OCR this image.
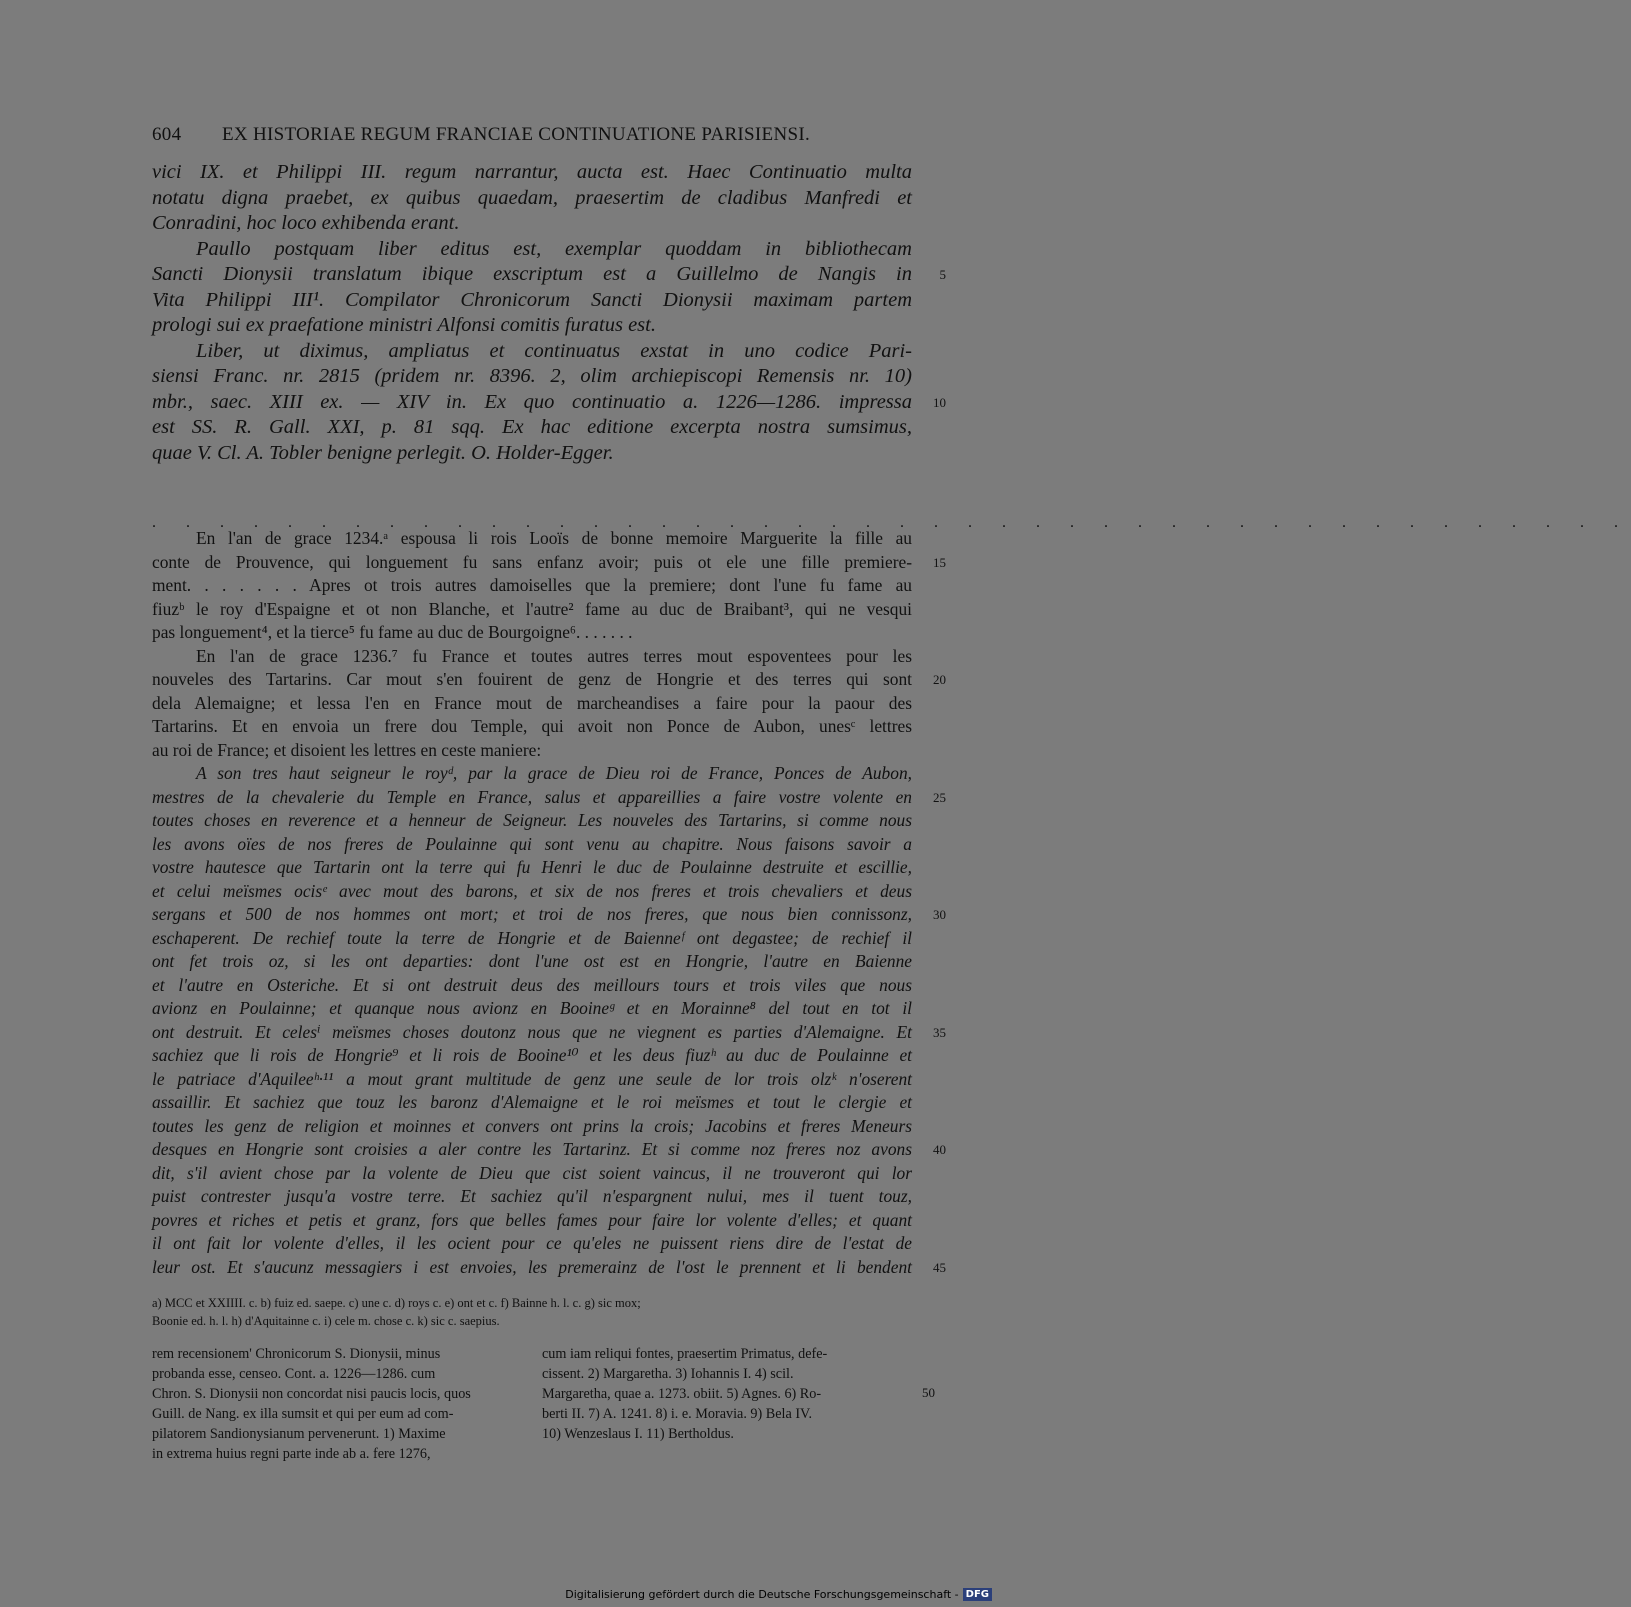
604 EX HISTORIAE REGUM FRANCIAE CONTINUATIONE PARISIENSI.
vici IX. et Philippi III. regum narrantur, aucta est. Haec Continuatio multa
notatu digna praebet, ex quibus quaedam, praesertim de cladibus Manfredi et
Conradini, hoc loco exhibenda erant.
Paullo postquam liber editus est, exemplar quoddam in bibliothecam
Sancti Dionysii translatum ibique exscriptum est a Guillelmo de Nangis in 5
Vita Philippi III¹. Compilator Chronicorum Sancti Dionysii maximam partem
prologi sui ex praefatione ministri Alfonsi comitis furatus est.
Liber, ut diximus, ampliatus et continuatus exstat in uno codice Pari-
siensi Franc. nr. 2815 (pridem nr. 8396. 2, olim archiepiscopi Remensis nr. 10)
mbr., saec. XIII ex. — XIV in. Ex quo continuatio a. 1226—1286. impressa 10
est SS. R. Gall. XXI, p. 81 sqq. Ex hac editione excerpta nostra sumsimus,
quae V. Cl. A. Tobler benigne perlegit. O. Holder-Egger.
. . . . . . . . . . . . . . . . . . . . . . . . . . . . . . . . . . . . . . . . . . . .
En l'an de grace 1234.ᵃ espousa li rois Looïs de bonne memoire Marguerite la fille au
conte de Prouvence, qui longuement fu sans enfanz avoir; puis ot ele une fille premiere- 15
ment. . . . . . . Apres ot trois autres damoiselles que la premiere; dont l'une fu fame au
fiuzᵇ le roy d'Espaigne et ot non Blanche, et l'autre² fame au duc de Braibant³, qui ne vesqui
pas longuement⁴, et la tierce⁵ fu fame au duc de Bourgoigne⁶. . . . . . .
En l'an de grace 1236.⁷ fu France et toutes autres terres mout espoventees pour les
nouveles des Tartarins. Car mout s'en fouirent de genz de Hongrie et des terres qui sont 20
dela Alemaigne; et lessa l'en en France mout de marcheandises a faire pour la paour des
Tartarins. Et en envoia un frere dou Temple, qui avoit non Ponce de Aubon, unesᶜ lettres
au roi de France; et disoient les lettres en ceste maniere:
A son tres haut seigneur le royᵈ, par la grace de Dieu roi de France, Ponces de Aubon,
mestres de la chevalerie du Temple en France, salus et appareillies a faire vostre volente en 25
toutes choses en reverence et a henneur de Seigneur. Les nouveles des Tartarins, si comme nous
les avons oïes de nos freres de Poulainne qui sont venu au chapitre. Nous faisons savoir a
vostre hautesce que Tartarin ont la terre qui fu Henri le duc de Poulainne destruite et escillie,
et celui meïsmes ocisᵉ avec mout des barons, et six de nos freres et trois chevaliers et deus
sergans et 500 de nos hommes ont mort; et troi de nos freres, que nous bien connissonz, 30
eschaperent. De rechief toute la terre de Hongrie et de Baienneᶠ ont degastee; de rechief il
ont fet trois oz, si les ont departies: dont l'une ost est en Hongrie, l'autre en Baienne
et l'autre en Osteriche. Et si ont destruit deus des meillours tours et trois viles que nous
avionz en Poulainne; et quanque nous avionz en Booineᵍ et en Morainne⁸ del tout en tot il
ont destruit. Et celesⁱ meïsmes choses doutonz nous que ne viegnent es parties d'Alemaigne. Et 35
sachiez que li rois de Hongrie⁹ et li rois de Booine¹⁰ et les deus fiuzʰ au duc de Poulainne et
le patriace d'Aquileeʰ·¹¹ a mout grant multitude de genz une seule de lor trois olzᵏ n'oserent
assaillir. Et sachiez que touz les baronz d'Alemaigne et le roi meïsmes et tout le clergie et
toutes les genz de religion et moinnes et convers ont prins la crois; Jacobins et freres Meneurs
desques en Hongrie sont croisies a aler contre les Tartarinz. Et si comme noz freres noz avons 40
dit, s'il avient chose par la volente de Dieu que cist soient vaincus, il ne trouveront qui lor
puist contrester jusqu'a vostre terre. Et sachiez qu'il n'espargnent nului, mes il tuent touz,
povres et riches et petis et granz, fors que belles fames pour faire lor volente d'elles; et quant
il ont fait lor volente d'elles, il les ocient pour ce qu'eles ne puissent riens dire de l'estat de
leur ost. Et s'aucunz messagiers i est envoies, les premerainz de l'ost le prennent et li bendent 45
a) MCC et XXIIII. c. b) fuiz ed. saepe. c) une c. d) roys c. e) ont et c. f) Bainne h. l. c. g) sic mox;
Boonie ed. h. l. h) d'Aquitainne c. i) cele m. chose c. k) sic c. saepius.
rem recensionem' Chronicorum S. Dionysii, minus
probanda esse, censeo. Cont. a. 1226—1286. cum
Chron. S. Dionysii non concordat nisi paucis locis, quos
Guill. de Nang. ex illa sumsit et qui per eum ad com-
pilatorem Sandionysianum pervenerunt. 1) Maxime
in extrema huius regni parte inde ab a. fere 1276,
cum iam reliqui fontes, praesertim Primatus, defe-
cissent. 2) Margaretha. 3) Iohannis I. 4) scil.
Margaretha, quae a. 1273. obiit. 5) Agnes. 6) Ro-
berti II. 7) A. 1241. 8) i. e. Moravia. 9) Bela IV.
10) Wenzeslaus I. 11) Bertholdus.
50
Digitalisierung gefördert durch die Deutsche Forschungsgemeinschaft - DFG
